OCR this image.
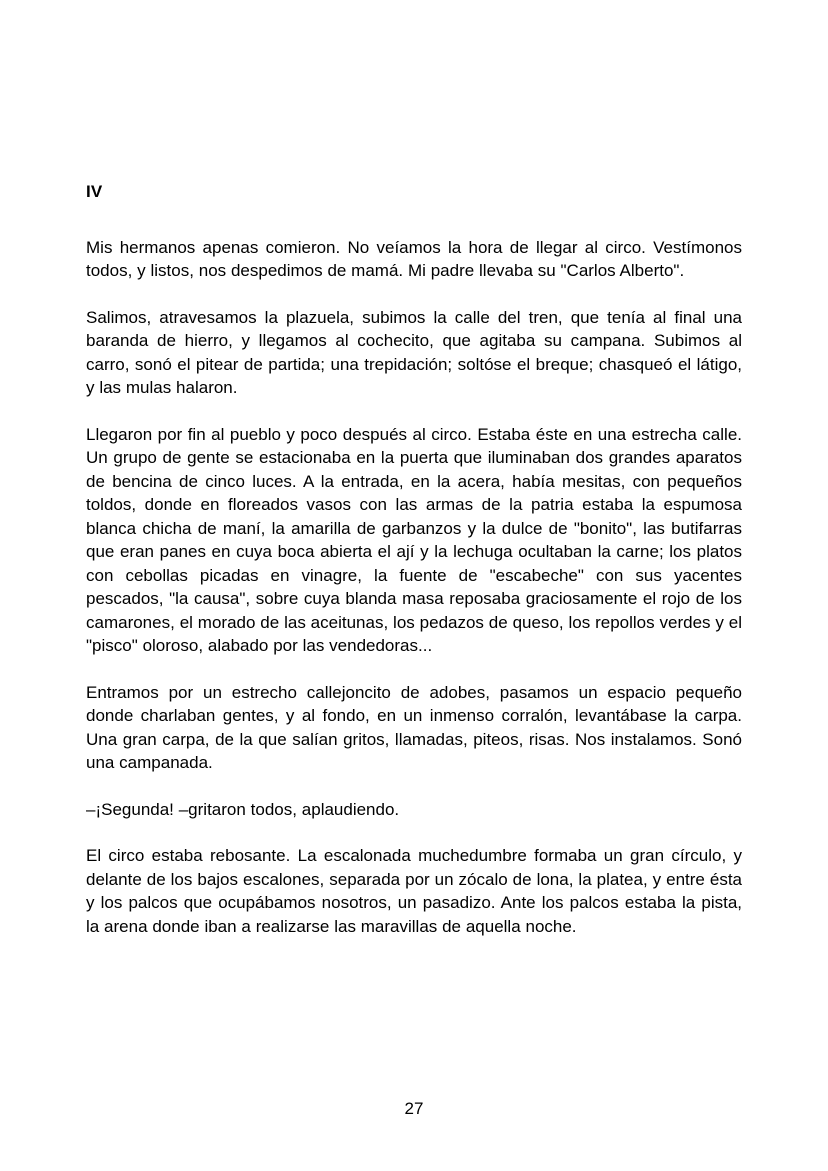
IV

Mis hermanos apenas comieron. No veíamos la hora de llegar al circo. Vestímonos todos, y listos, nos despedimos de mamá. Mi padre llevaba su "Carlos Alberto".

Salimos, atravesamos la plazuela, subimos la calle del tren, que tenía al final una baranda de hierro, y llegamos al cochecito, que agitaba su campana. Subimos al carro, sonó el pitear de partida; una trepidación; soltóse el breque; chasqueó el látigo, y las mulas halaron.

Llegaron por fin al pueblo y poco después al circo. Estaba éste en una estrecha calle. Un grupo de gente se estacionaba en la puerta que iluminaban dos grandes aparatos de bencina de cinco luces. A la entrada, en la acera, había mesitas, con pequeños toldos, donde en floreados vasos con las armas de la patria estaba la espumosa blanca chicha de maní, la amarilla de garbanzos y la dulce de "bonito", las butifarras que eran panes en cuya boca abierta el ají y la lechuga ocultaban la carne; los platos con cebollas picadas en vinagre, la fuente de "escabeche" con sus yacentes pescados, "la causa", sobre cuya blanda masa reposaba graciosamente el rojo de los camarones, el morado de las aceitunas, los pedazos de queso, los repollos verdes y el "pisco" oloroso, alabado por las vendedoras...

Entramos por un estrecho callejoncito de adobes, pasamos un espacio pequeño donde charlaban gentes, y al fondo, en un inmenso corralón, levantábase la carpa. Una gran carpa, de la que salían gritos, llamadas, piteos, risas. Nos instalamos. Sonó una campanada.

–¡Segunda! –gritaron todos, aplaudiendo.

El circo estaba rebosante. La escalonada muchedumbre formaba un gran círculo, y delante de los bajos escalones, separada por un zócalo de lona, la platea, y entre ésta y los palcos que ocupábamos nosotros, un pasadizo. Ante los palcos estaba la pista, la arena donde iban a realizarse las maravillas de aquella noche.

27
